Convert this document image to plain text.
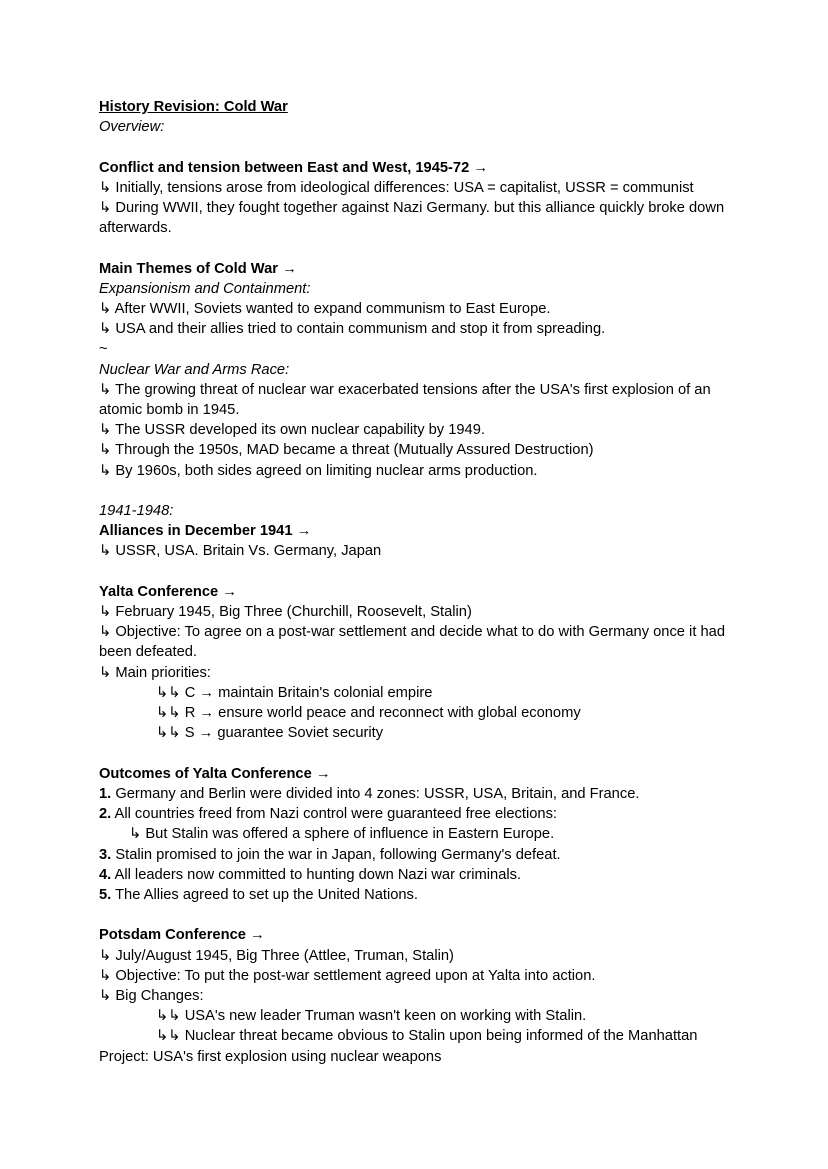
History Revision: Cold War

Overview:

Conflict and tension between East and West, 1945-72 →

↳ Initially, tensions arose from ideological differences: USA = capitalist, USSR = communist

↳ During WWII, they fought together against Nazi Germany. but this alliance quickly broke down afterwards.

Main Themes of Cold War →

Expansionism and Containment:

↳ After WWII, Soviets wanted to expand communism to East Europe.

↳ USA and their allies tried to contain communism and stop it from spreading.

~

Nuclear War and Arms Race:

↳ The growing threat of nuclear war exacerbated tensions after the USA's first explosion of an atomic bomb in 1945.

↳ The USSR developed its own nuclear capability by 1949.

↳ Through the 1950s, MAD became a threat (Mutually Assured Destruction)

↳ By 1960s, both sides agreed on limiting nuclear arms production.

1941-1948:

Alliances in December 1941 →

↳ USSR, USA. Britain Vs. Germany, Japan

Yalta Conference →

↳ February 1945, Big Three (Churchill, Roosevelt, Stalin)

↳ Objective: To agree on a post-war settlement and decide what to do with Germany once it had been defeated.

↳ Main priorities:

↳↳ C → maintain Britain's colonial empire

↳↳ R → ensure world peace and reconnect with global economy

↳↳ S → guarantee Soviet security

Outcomes of Yalta Conference →

1. Germany and Berlin were divided into 4 zones: USSR, USA, Britain, and France.

2. All countries freed from Nazi control were guaranteed free elections:

↳ But Stalin was offered a sphere of influence in Eastern Europe.

3. Stalin promised to join the war in Japan, following Germany's defeat.

4. All leaders now committed to hunting down Nazi war criminals.

5. The Allies agreed to set up the United Nations.

Potsdam Conference →

↳ July/August 1945, Big Three (Attlee, Truman, Stalin)

↳ Objective: To put the post-war settlement agreed upon at Yalta into action.

↳ Big Changes:

↳↳ USA's new leader Truman wasn't keen on working with Stalin.

↳↳ Nuclear threat became obvious to Stalin upon being informed of the Manhattan Project: USA's first explosion using nuclear weapons
